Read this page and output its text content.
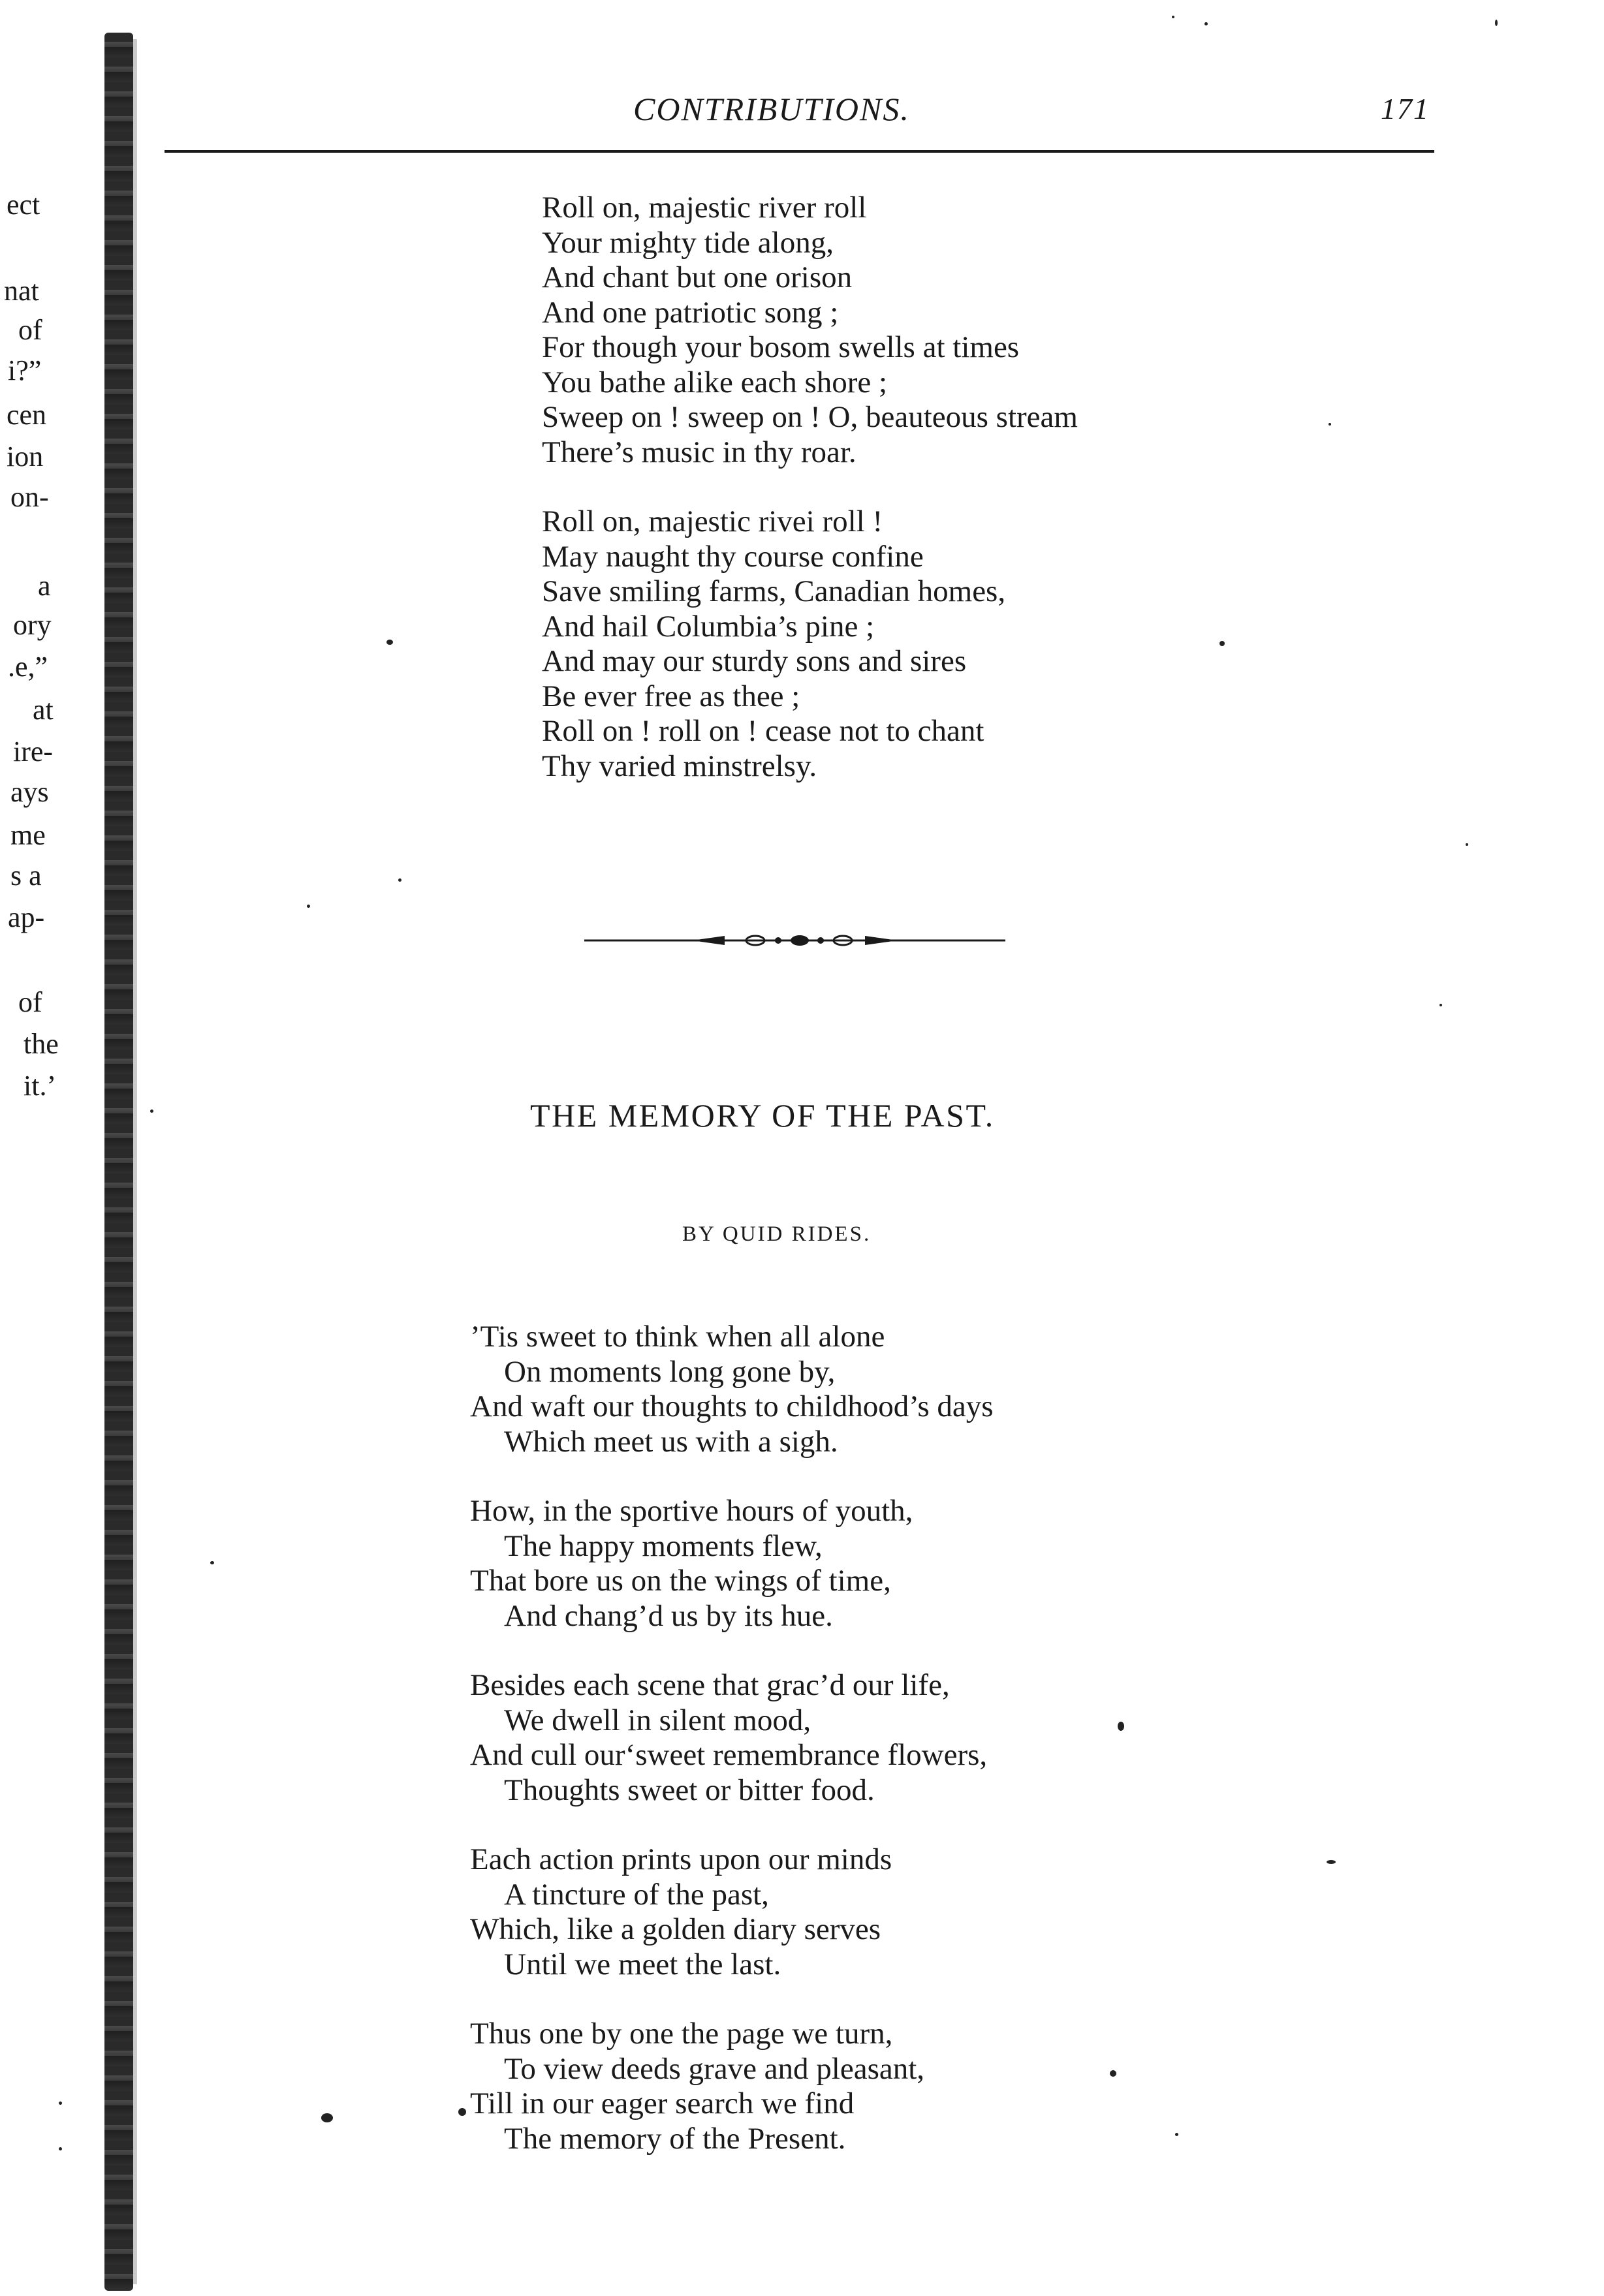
ect
nat
of
i?”
cen
ion
on-
a
ory
.e,”
at
ire-
ays
me
s a
ap-
of
the
it.’
CONTRIBUTIONS.	171
Roll on, majestic river roll
Your mighty tide along,
And chant but one orison
And one patriotic song ;
For though your bosom swells at times
You bathe alike each shore ;
Sweep on ! sweep on ! O, beauteous stream
There’s music in thy roar.
Roll on, majestic rivei roll !
May naught thy course confine
Save smiling farms, Canadian homes,
And hail Columbia’s pine ;
And may our sturdy sons and sires
Be ever free as thee ;
Roll on ! roll on ! cease not to chant
Thy varied minstrelsy.
THE MEMORY OF THE PAST.
BY QUID RIDES.
’Tis sweet to think when all alone
On moments long gone by,
And waft our thoughts to childhood’s days
Which meet us with a sigh.
How, in the sportive hours of youth,
The happy moments flew,
That bore us on the wings of time,
And chang’d us by its hue.
Besides each scene that grac’d our life,
We dwell in silent mood,
And cull our‘sweet remembrance flowers,
Thoughts sweet or bitter food.
Each action prints upon our minds
A tincture of the past,
Which, like a golden diary serves
Until we meet the last.
Thus one by one the page we turn,
To view deeds grave and pleasant,
Till in our eager search we find
The memory of the Present.
